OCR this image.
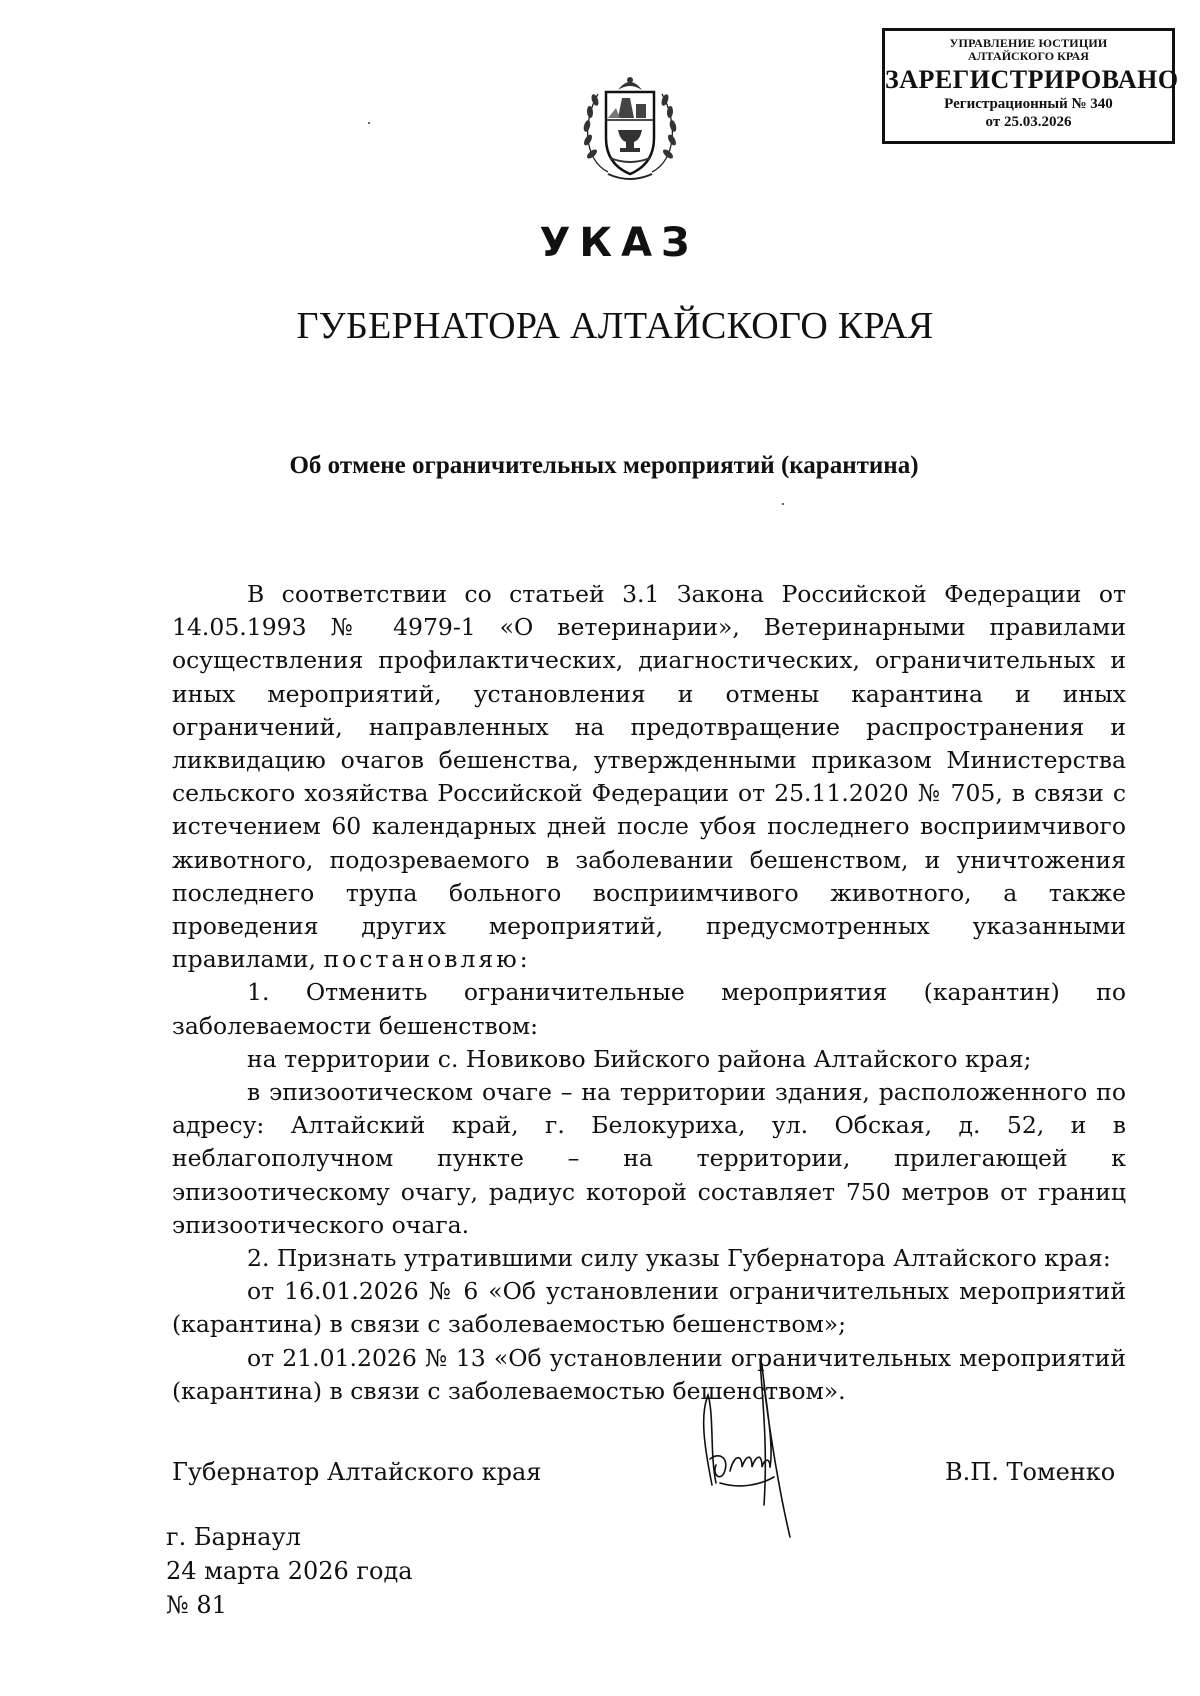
УПРАВЛЕНИЕ ЮСТИЦИИ
АЛТАЙСКОГО КРАЯ
ЗАРЕГИСТРИРОВАНО
Регистрационный № 340
от 25.03.2026
УКАЗ
ГУБЕРНАТОРА АЛТАЙСКОГО КРАЯ
Об отмене ограничительных мероприятий (карантина)

В соответствии со статьей 3.1 Закона Российской Федерации от 14.05.1993 № 4979-1 «О ветеринарии», Ветеринарными правилами осуществления профилактических, диагностических, ограничительных и иных мероприятий, установления и отмены карантина и иных ограничений, направленных на предотвращение распространения и ликвидацию очагов бешенства, утвержденными приказом Министерства сельского хозяйства Российской Федерации от 25.11.2020 № 705, в связи с истечением 60 календарных дней после убоя последнего восприимчивого животного, подозреваемого в заболевании бешенством, и уничтожения последнего трупа больного восприимчивого животного, а также проведения других мероприятий, предусмотренных указанными правилами, постановляю:

1. Отменить ограничительные мероприятия (карантин) по заболеваемости бешенством:

на территории с. Новиково Бийского района Алтайского края;

в эпизоотическом очаге – на территории здания, расположенного по адресу: Алтайский край, г. Белокуриха, ул. Обская, д. 52, и в неблагополучном пункте – на территории, прилегающей к эпизоотическому очагу, радиус которой составляет 750 метров от границ эпизоотического очага.

2. Признать утратившими силу указы Губернатора Алтайского края:

от 16.01.2026 № 6 «Об установлении ограничительных мероприятий (карантина) в связи с заболеваемостью бешенством»;

от 21.01.2026 № 13 «Об установлении ограничительных мероприятий (карантина) в связи с заболеваемостью бешенством».

Губернатор Алтайского края	В.П. Томенко
г. Барнаул
24 марта 2026 года
№ 81
